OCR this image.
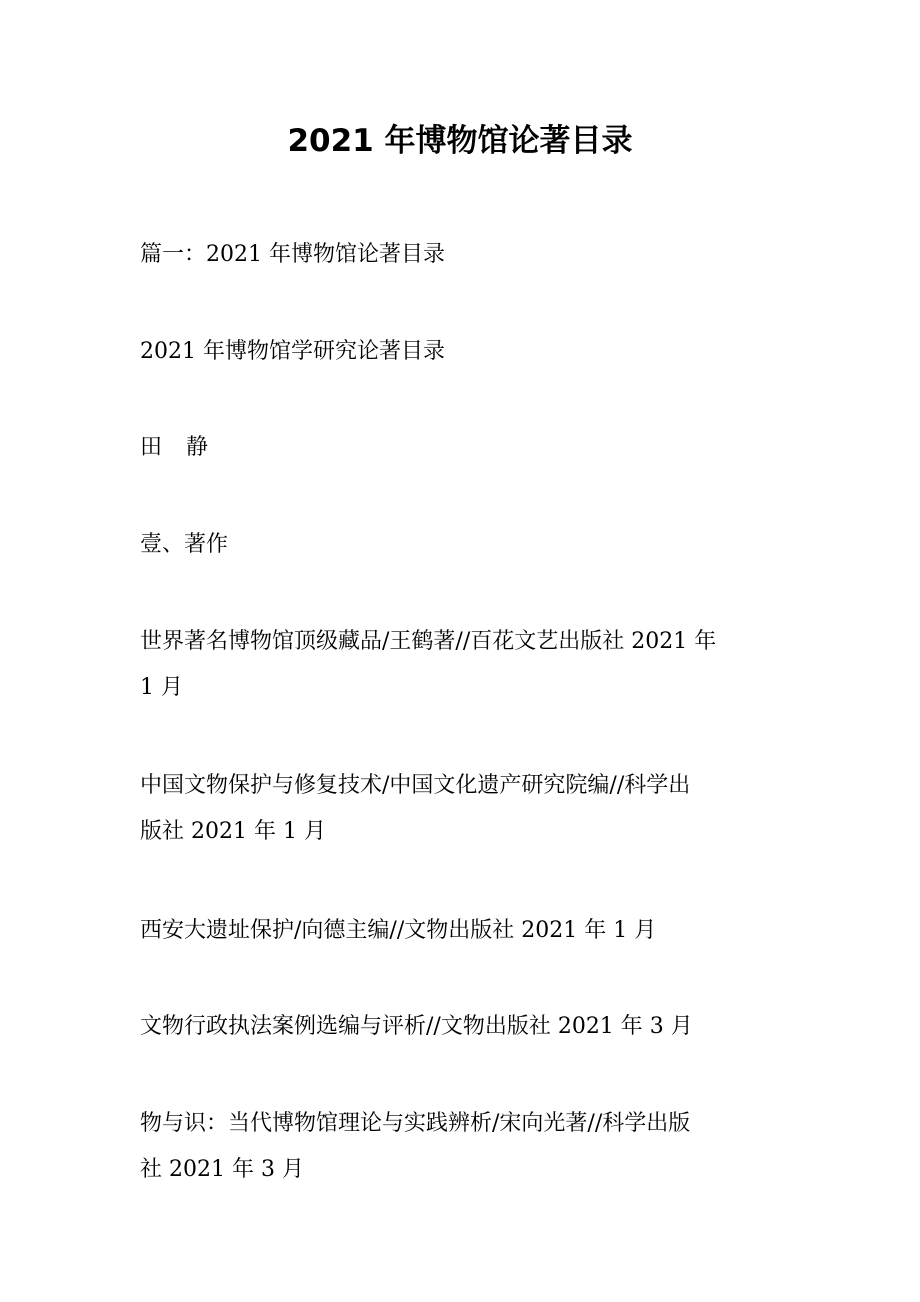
2021 年博物馆论著目录

篇一：2021 年博物馆论著目录

2021 年博物馆学研究论著目录

田 静

壹、著作

世界著名博物馆顶级藏品/王鹤著//百花文艺出版社 2021 年
1 月

中国文物保护与修复技术/中国文化遗产研究院编//科学出
版社 2021 年 1 月

西安大遗址保护/向德主编//文物出版社 2021 年 1 月

文物行政执法案例选编与评析//文物出版社 2021 年 3 月

物与识：当代博物馆理论与实践辨析/宋向光著//科学出版
社 2021 年 3 月
